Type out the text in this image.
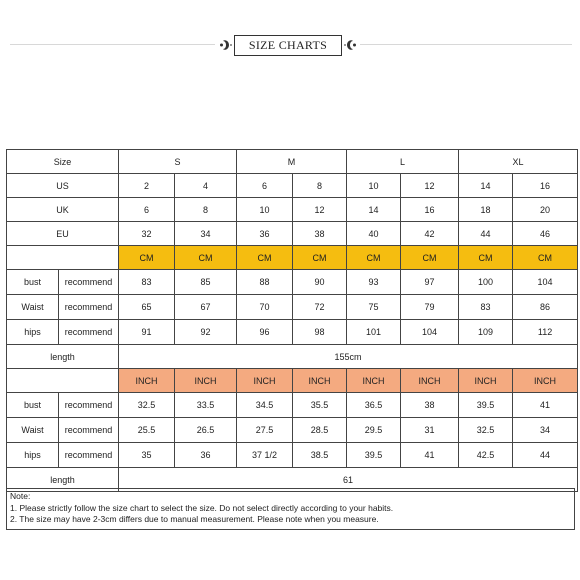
SIZE CHARTS
Size		S		M		L		XL	
US		2	4	6	8	10	12	14	16
UK		6	8	10	12	14	16	18	20
EU		32	34	36	38	40	42	44	46
		CM	CM	CM	CM	CM	CM	CM	CM
bust	recommend	83	85	88	90	93	97	100	104
Waist	recommend	65	67	70	72	75	79	83	86
hips	recommend	91	92	96	98	101	104	109	112
length		155cm							
		INCH	INCH	INCH	INCH	INCH	INCH	INCH	INCH
bust	recommend	32.5	33.5	34.5	35.5	36.5	38	39.5	41
Waist	recommend	25.5	26.5	27.5	28.5	29.5	31	32.5	34
hips	recommend	35	36	37 1/2	38.5	39.5	41	42.5	44
length		61							
Note:
1. Please strictly follow the size chart to select the size. Do not select directly according to your habits.
2. The size may have 2-3cm differs due to manual measurement. Please note when you measure.
